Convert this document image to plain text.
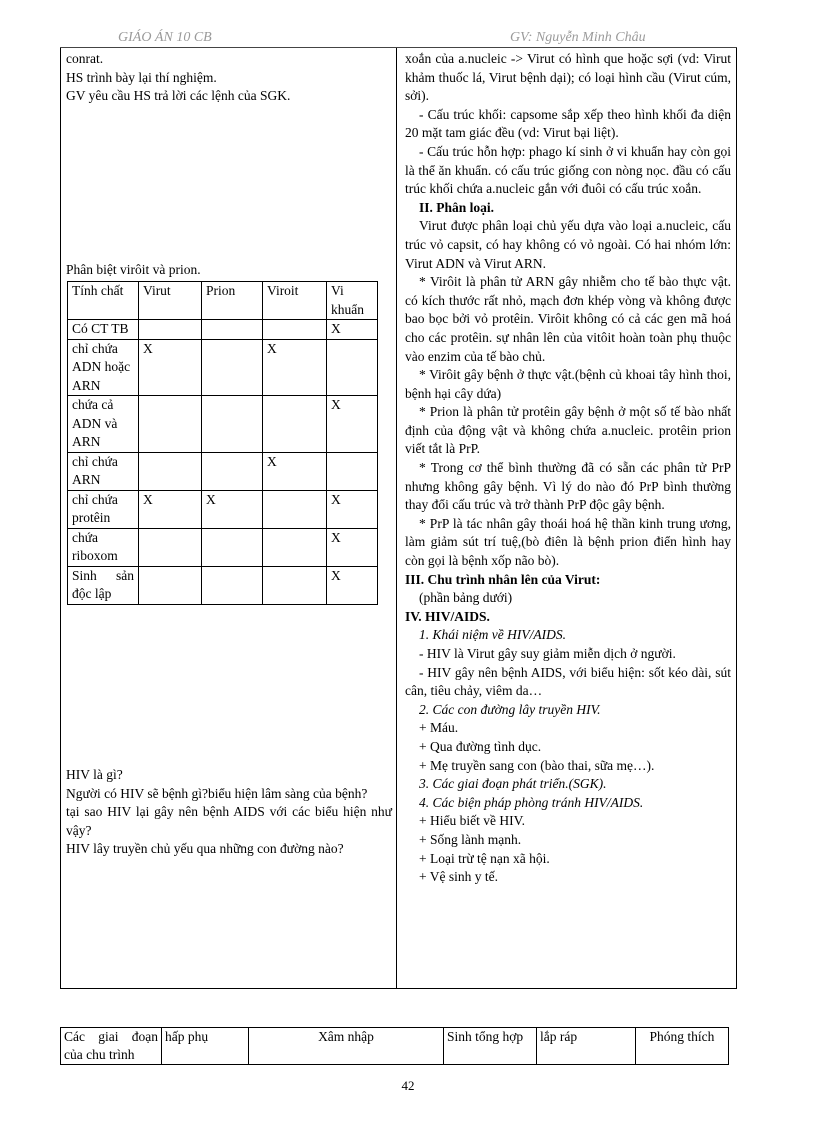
GIÁO ÁN 10 CB	GV: Nguyễn Minh Châu

conrat.

HS trình bày lại thí nghiệm.

GV yêu cầu HS trả lời các lệnh của SGK.

Phân biệt virôit và prion.
Tính chất	Virut	Prion	Viroit	Vi khuẩn
Có CT TB				X
chỉ chứa ADN hoặc ARN	X		X	
chứa cả ADN và ARN				X
chỉ chứa ARN			X	
chỉ chứa protêin	X	X		X
chứa riboxom				X
Sinh sản độc lập				X

HIV là gì?

Người có HIV sẽ bệnh gì?biểu hiện lâm sàng của bệnh?

tại sao HIV lại gây nên bệnh AIDS với các biểu hiện như vậy?

HIV lây truyền chủ yếu qua những con đường nào?

xoắn của a.nucleic -> Virut có hình que hoặc sợi (vd: Virut khảm thuốc lá, Virut bệnh dại); có loại hình cầu (Virut cúm, sởi).

- Cấu trúc khối: capsome sắp xếp theo hình khối đa diện 20 mặt tam giác đều (vd: Virut bại liệt).

- Cấu trúc hỗn hợp: phago kí sinh ở vi khuẩn hay còn gọi là thể ăn khuẩn. có cấu trúc giống con nòng nọc. đầu có cấu trúc khối chứa a.nucleic gắn với đuôi có cấu trúc xoắn.

II. Phân loại.

Virut được phân loại chủ yếu dựa vào loại a.nucleic, cấu trúc vỏ capsit, có hay không có vỏ ngoài. Có hai nhóm lớn: Virut ADN và Virut ARN.

* Virôit là phân tử ARN gây nhiễm cho tế bào thực vật. có kích thước rất nhỏ, mạch đơn khép vòng và không được bao bọc bởi vỏ protêin. Virôit không có cả các gen mã hoá cho các protêin. sự nhân lên của vitôit hoàn toàn phụ thuộc vào enzim của tế bào chủ.

* Virôit gây bệnh ở thực vật.(bệnh củ khoai tây hình thoi, bệnh hại cây dứa)

* Prion là phân tử protêin gây bệnh ở một số tế bào nhất định của động vật và không chứa a.nucleic. protêin prion viết tắt là PrP.

* Trong cơ thể bình thường đã có sẵn các phân tử PrP nhưng không gây bệnh. Vì lý do nào đó PrP bình thường thay đổi cấu trúc và trở thành PrP độc gây bệnh.

* PrP là tác nhân gây thoái hoá hệ thần kinh trung ương, làm giảm sút trí tuệ,(bò điên là bệnh prion điển hình hay còn gọi là bệnh xốp não bò).

III. Chu trình nhân lên của Virut:

(phần bảng dưới)

IV. HIV/AIDS.

1. Khái niệm về HIV/AIDS.

- HIV là Virut gây suy giảm miễn dịch ở người.

- HIV gây nên bệnh AIDS, với biểu hiện: sốt kéo dài, sút cân, tiêu chảy, viêm da…

2. Các con đường lây truyền HIV.

+ Máu.

+ Qua đường tình dục.

+ Mẹ truyền sang con (bào thai, sữa mẹ…).

3. Các giai đoạn phát triển.(SGK).

4. Các biện pháp phòng tránh HIV/AIDS.

+ Hiểu biết về HIV.

+ Sống lành mạnh.

+ Loại trừ tệ nạn xã hội.

+ Vệ sinh y tế.

Các giai đoạn của chu trình	hấp phụ	Xâm nhập	Sinh tổng hợp	lắp ráp	Phóng thích
42
